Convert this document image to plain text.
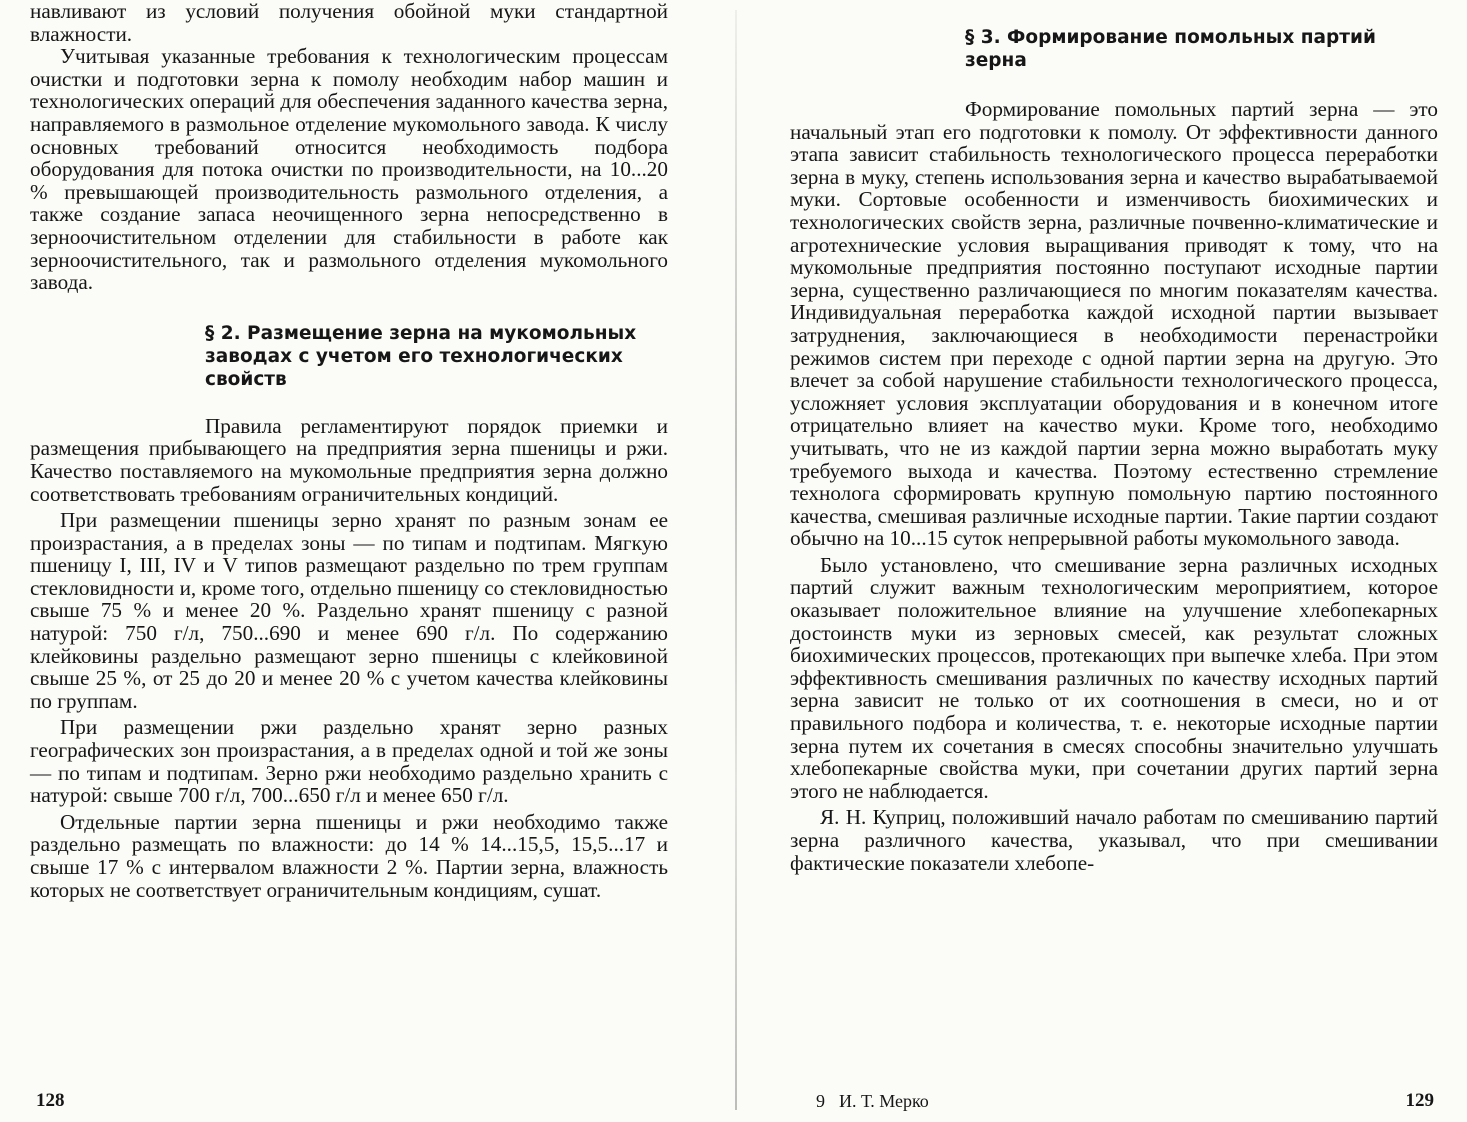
навливают из условий получения обойной муки стандартной влажности.

Учитывая указанные требования к технологическим процессам очистки и подготовки зерна к помолу необходим набор машин и технологических операций для обеспечения заданного качества зерна, направляемого в размольное отделение мукомольного завода. К числу основных требований относится необходимость подбора оборудования для потока очистки по производительности, на 10...20 % превышающей производительность размольного отделения, а также создание запаса неочищенного зерна непосредственно в зерноочистительном отделении для стабильности в работе как зерноочистительного, так и размольного отделения мукомольного завода.

§ 2. Размещение зерна на мукомольных заводах с учетом его технологических свойств

Правила регламентируют порядок приемки и размещения прибывающего на предприятия зерна пшеницы и ржи. Качество поставляемого на мукомольные предприятия зерна должно соответствовать требованиям ограничительных кондиций.

При размещении пшеницы зерно хранят по разным зонам ее произрастания, а в пределах зоны — по типам и подтипам. Мягкую пшеницу I, III, IV и V типов размещают раздельно по трем группам стекловидности и, кроме того, отдельно пшеницу со стекловидностью свыше 75 % и менее 20 %. Раздельно хранят пшеницу с разной натурой: 750 г/л, 750...690 и менее 690 г/л. По содержанию клейковины раздельно размещают зерно пшеницы с клейковиной свыше 25 %, от 25 до 20 и менее 20 % с учетом качества клейковины по группам.

При размещении ржи раздельно хранят зерно разных географических зон произрастания, а в пределах одной и той же зоны — по типам и подтипам. Зерно ржи необходимо раздельно хранить с натурой: свыше 700 г/л, 700...650 г/л и менее 650 г/л.

Отдельные партии зерна пшеницы и ржи необходимо также раздельно размещать по влажности: до 14 % 14...15,5, 15,5...17 и свыше 17 % с интервалом влажности 2 %. Партии зерна, влажность которых не соответствует ограничительным кондициям, сушат.

128
§ 3. Формирование помольных партий зерна

Формирование помольных партий зерна — это начальный этап его подготовки к помолу. От эффективности данного этапа зависит стабильность технологического процесса переработки зерна в муку, степень использования зерна и качество вырабатываемой муки. Сортовые особенности и изменчивость биохимических и технологических свойств зерна, различные почвенно-климатические и агротехнические условия выращивания приводят к тому, что на мукомольные предприятия постоянно поступают исходные партии зерна, существенно различающиеся по многим показателям качества. Индивидуальная переработка каждой исходной партии вызывает затруднения, заключающиеся в необходимости перенастройки режимов систем при переходе с одной партии зерна на другую. Это влечет за собой нарушение стабильности технологического процесса, усложняет условия эксплуатации оборудования и в конечном итоге отрицательно влияет на качество муки. Кроме того, необходимо учитывать, что не из каждой партии зерна можно выработать муку требуемого выхода и качества. Поэтому естественно стремление технолога сформировать крупную помольную партию постоянного качества, смешивая различные исходные партии. Такие партии создают обычно на 10...15 суток непрерывной работы мукомольного завода.

Было установлено, что смешивание зерна различных исходных партий служит важным технологическим мероприятием, которое оказывает положительное влияние на улучшение хлебопекарных достоинств муки из зерновых смесей, как результат сложных биохимических процессов, протекающих при выпечке хлеба. При этом эффективность смешивания различных по качеству исходных партий зерна зависит не только от их соотношения в смеси, но и от правильного подбора и количества, т. е. некоторые исходные партии зерна путем их сочетания в смесях способны значительно улучшать хлебопекарные свойства муки, при сочетании других партий зерна этого не наблюдается.

Я. Н. Куприц, положивший начало работам по смешиванию партий зерна различного качества, указывал, что при смешивании фактические показатели хлебопе-

9 И. Т. Мерко	129
